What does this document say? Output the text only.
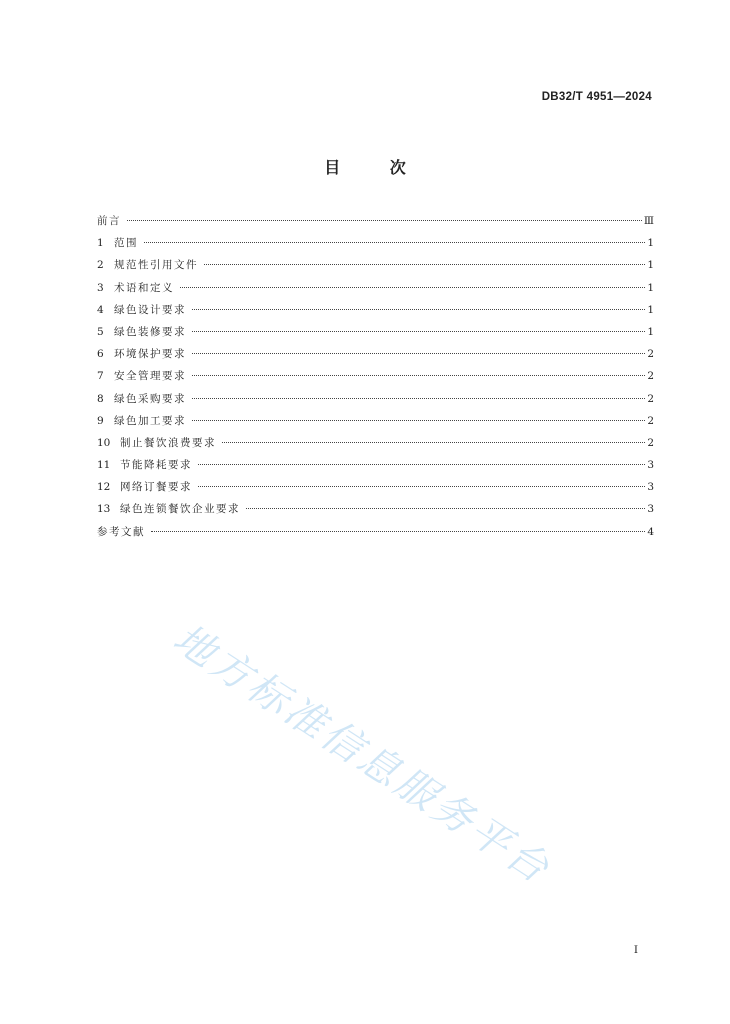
DB32/T 4951—2024
目 次
前言	Ⅲ
1 范围	1
2 规范性引用文件	1
3 术语和定义	1
4 绿色设计要求	1
5 绿色装修要求	1
6 环境保护要求	2
7 安全管理要求	2
8 绿色采购要求	2
9 绿色加工要求	2
10 制止餐饮浪费要求	2
11 节能降耗要求	3
12 网络订餐要求	3
13 绿色连锁餐饮企业要求	3
参考文献	4
地方标准信息服务平台
I
